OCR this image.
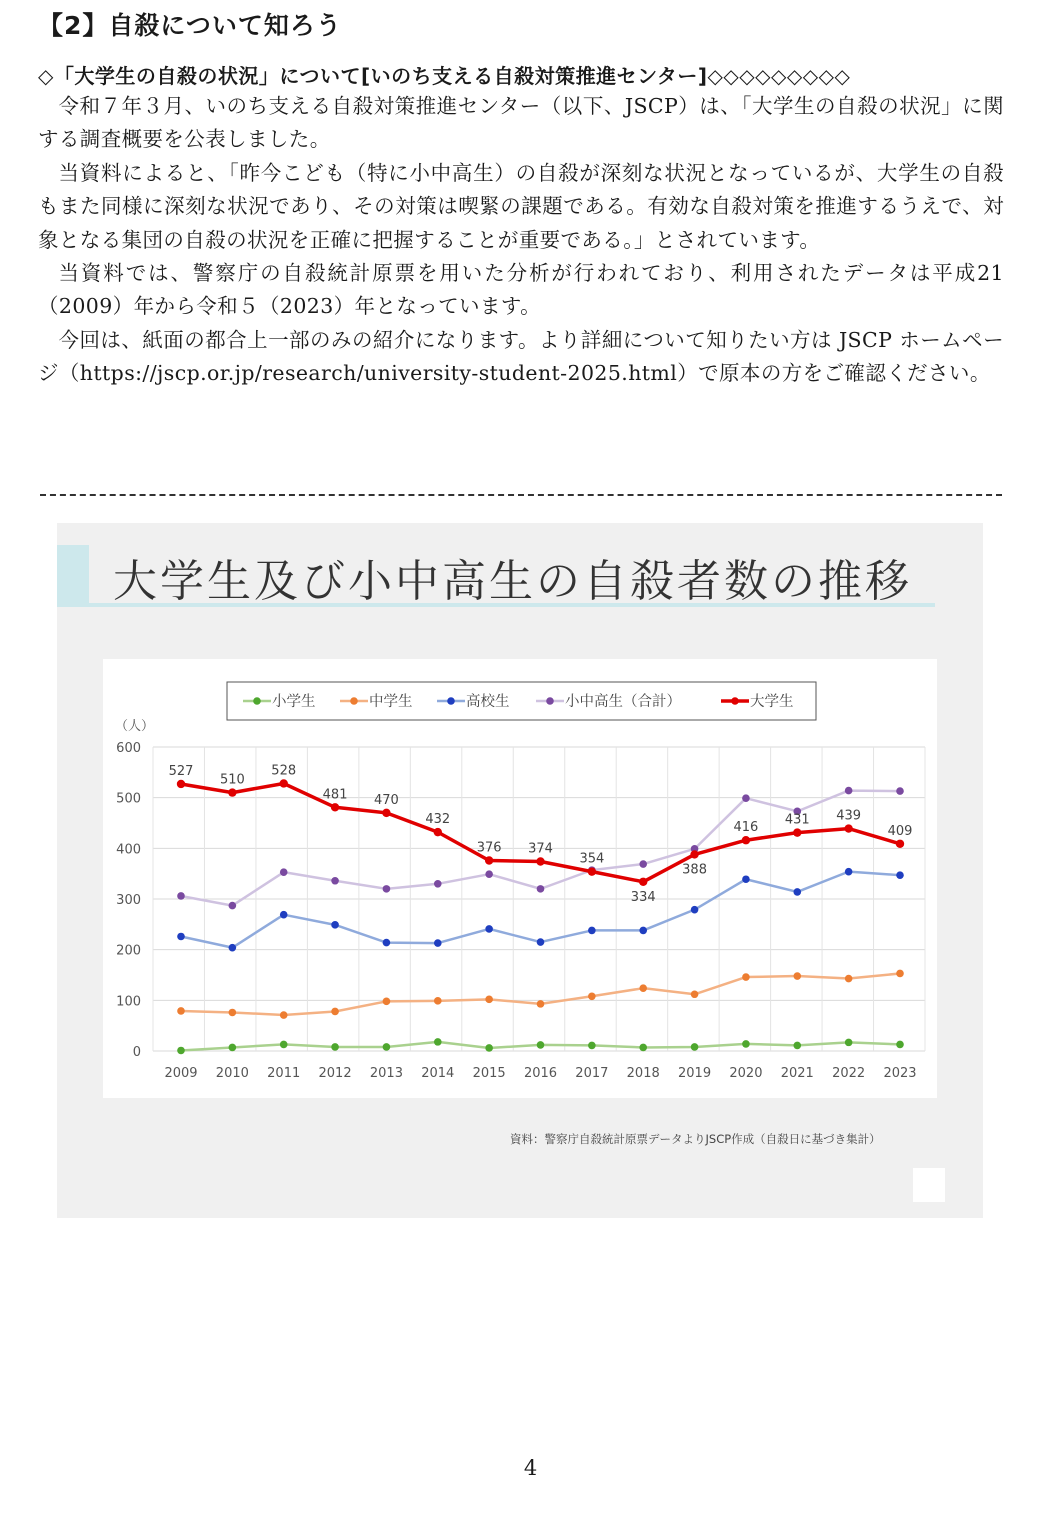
【2】自殺について知ろう
◇「大学生の自殺の状況」について[いのち支える自殺対策推進センター]◇◇◇◇◇◇◇◇◇

令和７年３月、いのち支える自殺対策推進センター（以下、JSCP）は、「大学生の自殺の状況」に関する調査概要を公表しました。

当資料によると、「昨今こども（特に小中高生）の自殺が深刻な状況となっているが、大学生の自殺もまた同様に深刻な状況であり、その対策は喫緊の課題である。有効な自殺対策を推進するうえで、対象となる集団の自殺の状況を正確に把握することが重要である。」とされています。

当資料では、警察庁の自殺統計原票を用いた分析が行われており、利用されたデータは平成21（2009）年から令和５（2023）年となっています。

今回は、紙面の都合上一部のみの紹介になります。より詳細について知りたい方は JSCP ホームページ（https://jscp.or.jp/research/university-student-2025.html）で原本の方をご確認ください。

大学生及び小中高生の自殺者数の推移
0
100
200
300
400
500
600
（人）
2009 2010 2011 2012 2013 2014 2015 2016 2017 2018 2019 2020 2021 2022 2023
527
510
528
481 470
432
376 374
354
334
388
416
431 439
409
小学生	中学生	高校生	小中高生（合計）	大学生
資料：警察庁自殺統計原票データよりJSCP作成（自殺日に基づき集計）
4
